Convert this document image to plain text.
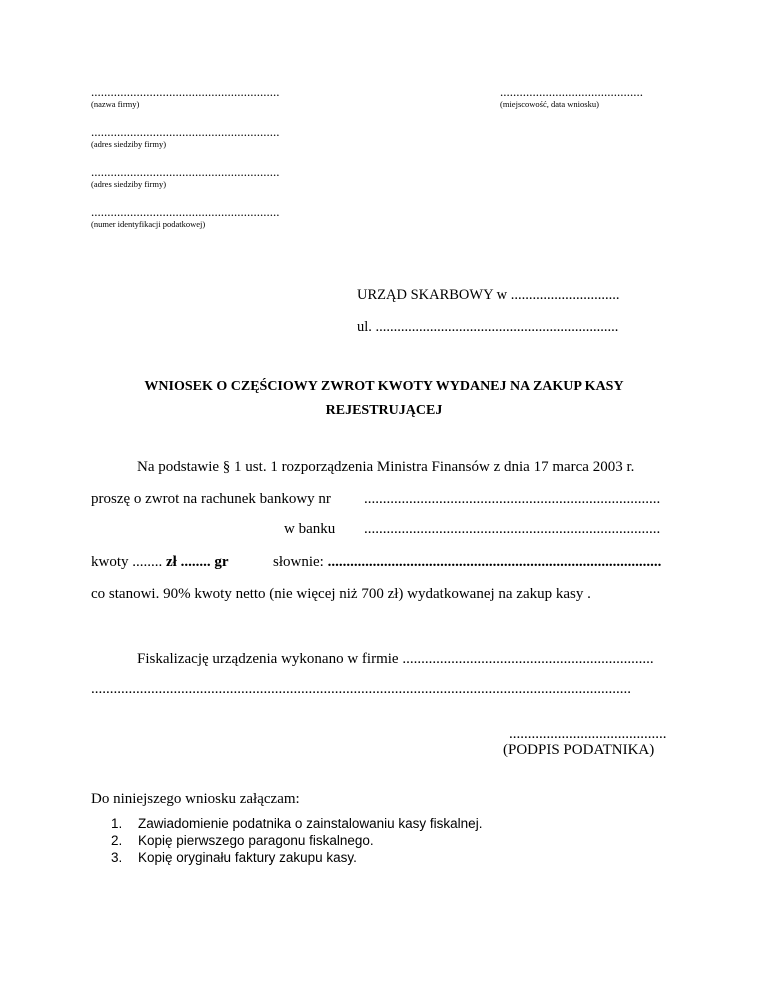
..........................................................
(nazwa firmy)
............................................
(miejscowość, data wniosku)
..........................................................
(adres siedziby firmy)
..........................................................
(adres siedziby firmy)
..........................................................
(numer identyfikacji podatkowej)
URZĄD SKARBOWY w ..............................
ul. ...................................................................
WNIOSEK O CZĘŚCIOWY ZWROT KWOTY WYDANEJ NA ZAKUP KASY
REJESTRUJĄCEJ
Na podstawie § 1 ust. 1 rozporządzenia Ministra Finansów z dnia 17 marca 2003 r.
proszę o zwrot na rachunek bankowy nr ...............................................................................
w banku ...............................................................................
kwoty ........ zł ........ gr	słownie: .........................................................................................
co stanowi. 90% kwoty netto (nie więcej niż 700 zł) wydatkowanej na zakup kasy .
Fiskalizację urządzenia wykonano w firmie ...................................................................
................................................................................................................................................
..........................................
(PODPIS PODATNIKA)
Do niniejszego wniosku załączam:
1. Zawiadomienie podatnika o zainstalowaniu kasy fiskalnej.
2. Kopię pierwszego paragonu fiskalnego.
3. Kopię oryginału faktury zakupu kasy.
